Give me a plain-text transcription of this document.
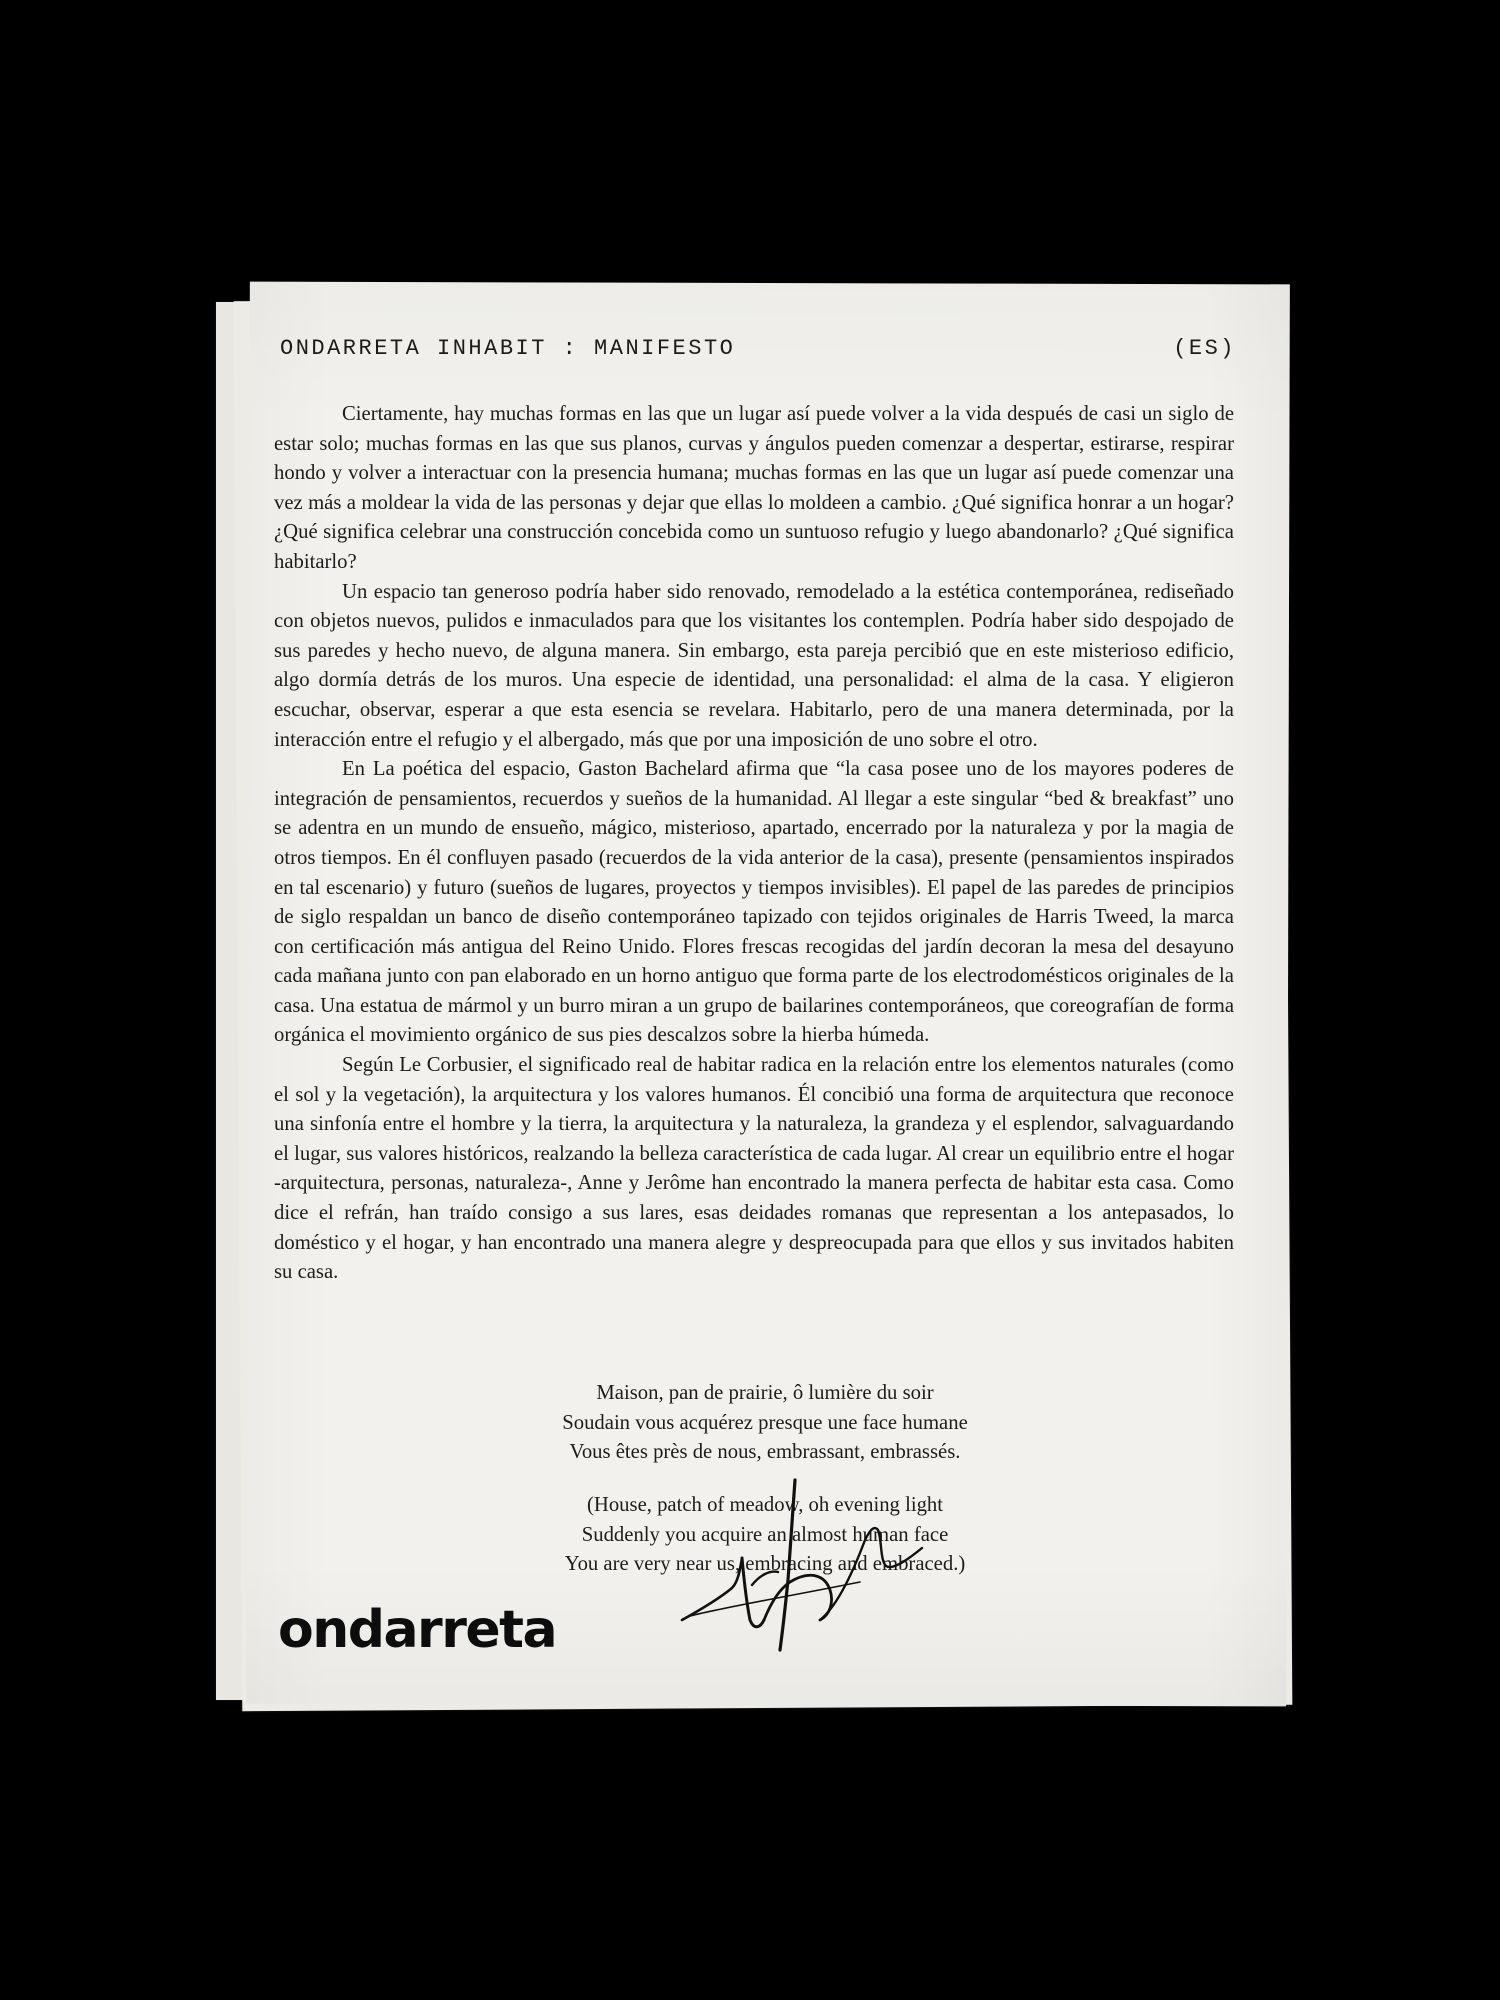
ONDARRETA INHABIT : MANIFESTO	(ES)

Ciertamente, hay muchas formas en las que un lugar así puede volver a la vida después de casi un siglo de estar solo; muchas formas en las que sus planos, curvas y ángulos pueden comenzar a despertar, estirarse, respirar hondo y volver a interactuar con la presencia humana; muchas formas en las que un lugar así puede comenzar una vez más a moldear la vida de las personas y dejar que ellas lo moldeen a cambio. ¿Qué significa honrar a un hogar? ¿Qué significa celebrar una construcción concebida como un suntuoso refugio y luego abandonarlo? ¿Qué significa habitarlo?

Un espacio tan generoso podría haber sido renovado, remodelado a la estética contemporánea, rediseñado con objetos nuevos, pulidos e inmaculados para que los visitantes los contemplen. Podría haber sido despojado de sus paredes y hecho nuevo, de alguna manera. Sin embargo, esta pareja percibió que en este misterioso edificio, algo dormía detrás de los muros. Una especie de identidad, una personalidad: el alma de la casa. Y eligieron escuchar, observar, esperar a que esta esencia se revelara. Habitarlo, pero de una manera determinada, por la interacción entre el refugio y el albergado, más que por una imposición de uno sobre el otro.

En La poética del espacio, Gaston Bachelard afirma que “la casa posee uno de los mayores poderes de integración de pensamientos, recuerdos y sueños de la humanidad. Al llegar a este singular “bed & breakfast” uno se adentra en un mundo de ensueño, mágico, misterioso, apartado, encerrado por la naturaleza y por la magia de otros tiempos. En él confluyen pasado (recuerdos de la vida anterior de la casa), presente (pensamientos inspirados en tal escenario) y futuro (sueños de lugares, proyectos y tiempos invisibles). El papel de las paredes de principios de siglo respaldan un banco de diseño contemporáneo tapizado con tejidos originales de Harris Tweed, la marca con certificación más antigua del Reino Unido. Flores frescas recogidas del jardín decoran la mesa del desayuno cada mañana junto con pan elaborado en un horno antiguo que forma parte de los electrodomésticos originales de la casa. Una estatua de mármol y un burro miran a un grupo de bailarines contemporáneos, que coreografían de forma orgánica el movimiento orgánico de sus pies descalzos sobre la hierba húmeda.

Según Le Corbusier, el significado real de habitar radica en la relación entre los elementos naturales (como el sol y la vegetación), la arquitectura y los valores humanos. Él concibió una forma de arquitectura que reconoce una sinfonía entre el hombre y la tierra, la arquitectura y la naturaleza, la grandeza y el esplendor, salvaguardando el lugar, sus valores históricos, realzando la belleza característica de cada lugar. Al crear un equilibrio entre el hogar -arquitectura, personas, naturaleza-, Anne y Jerôme han encontrado la manera perfecta de habitar esta casa. Como dice el refrán, han traído consigo a sus lares, esas deidades romanas que representan a los antepasados, lo doméstico y el hogar, y han encontrado una manera alegre y despreocupada para que ellos y sus invitados habiten su casa.

Maison, pan de prairie, ô lumière du soir
Soudain vous acquérez presque une face humane
Vous êtes près de nous, embrassant, embrassés.
(House, patch of meadow, oh evening light
Suddenly you acquire an almost human face
You are very near us, embracing and embraced.)
ondarreta
